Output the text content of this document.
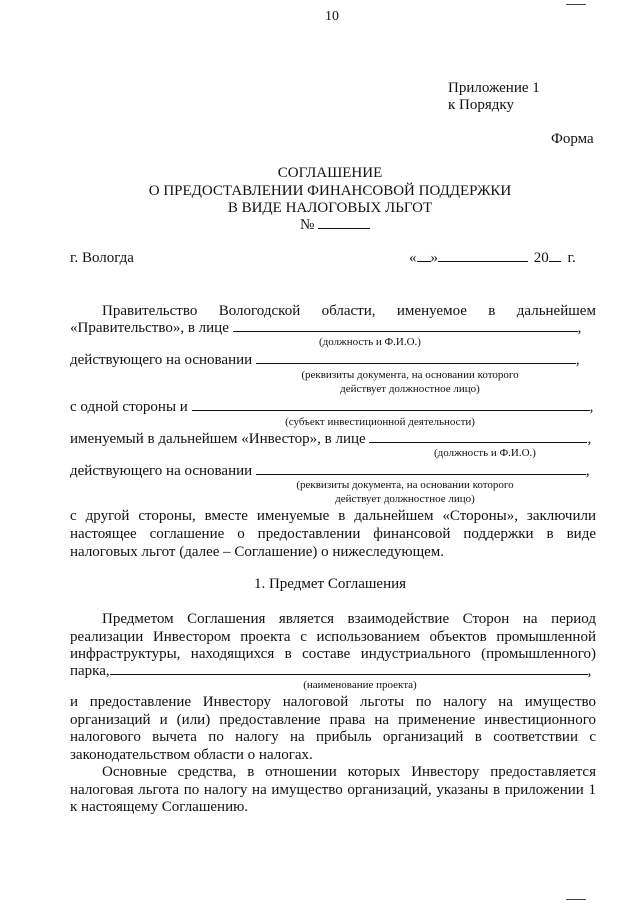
10
Приложение 1
к Порядку
Форма
СОГЛАШЕНИЕ
О ПРЕДОСТАВЛЕНИИ ФИНАНСОВОЙ ПОДДЕРЖКИ
В ВИДЕ НАЛОГОВЫХ ЛЬГОТ
№
г. Вологда	« »	20 г.
Правительство Вологодской области, именуемое в дальнейшем
«Правительство», в лице	,
(должность и Ф.И.О.)
действующего на основании	,
(реквизиты документа, на основании которого
действует должностное лицо)
с одной стороны и	,
(субъект инвестиционной деятельности)
именуемый в дальнейшем «Инвестор», в лице	,
(должность и Ф.И.О.)
действующего на основании	,
(реквизиты документа, на основании которого
действует должностное лицо)
с другой стороны, вместе именуемые в дальнейшем «Стороны», заключили
настоящее соглашение о предоставлении финансовой поддержки в виде
налоговых льгот (далее – Соглашение) о нижеследующем.
1. Предмет Соглашения
Предметом Соглашения является взаимодействие Сторон на период
реализации Инвестором проекта с использованием объектов промышленной
инфраструктуры, находящихся в составе индустриального (промышленного)
парка,	,
(наименование проекта)
и предоставление Инвестору налоговой льготы по налогу на имущество
организаций и (или) предоставление права на применение инвестиционного
налогового вычета по налогу на прибыль организаций в соответствии с
законодательством области о налогах.
Основные средства, в отношении которых Инвестору предоставляется
налоговая льгота по налогу на имущество организаций, указаны в приложении 1
к настоящему Соглашению.
